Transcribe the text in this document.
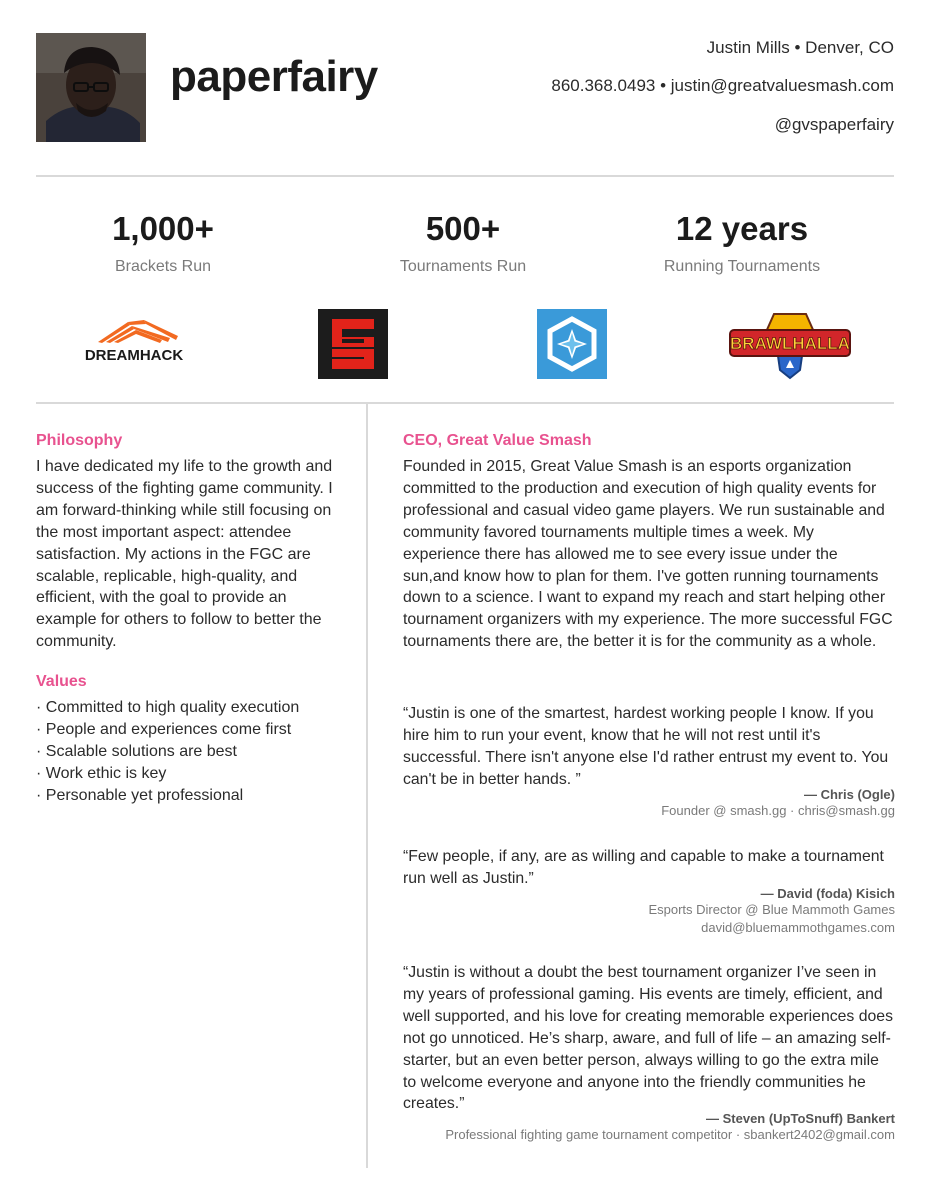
paperfairy
Justin Mills • Denver, CO
860.368.0493 • justin@greatvaluesmash.com
@gvspaperfairy
1,000+
Brackets Run
500+
Tournaments Run
12 years
Running Tournaments
DREAMHACK
BRAWLHALLA
Philosophy
I have dedicated my life to the growth and success of the fighting game community. I am forward-thinking while still focusing on the most important aspect: attendee satisfaction. My actions in the FGC are scalable, replicable, high-quality, and efficient, with the goal to provide an example for others to follow to better the community.
Values
· Committed to high quality execution
· People and experiences come first
· Scalable solutions are best
· Work ethic is key
· Personable yet professional
CEO, Great Value Smash
Founded in 2015, Great Value Smash is an esports organization committed to the production and execution of high quality events for professional and casual video game players. We run sustainable and community favored tournaments multiple times a week. My experience there has allowed me to see every issue under the sun,and know how to plan for them. I've gotten running tournaments down to a science. I want to expand my reach and start helping other tournament organizers with my experience. The more successful FGC tournaments there are, the better it is for the community as a whole.
“Justin is one of the smartest, hardest working people I know. If you hire him to run your event, know that he will not rest until it's successful. There isn't anyone else I'd rather entrust my event to. You can't be in better hands. ”
— Chris (Ogle)
Founder @ smash.gg · chris@smash.gg
“Few people, if any, are as willing and capable to make a tournament run well as Justin.”
— David (foda) Kisich
Esports Director @ Blue Mammoth Games
david@bluemammothgames.com
“Justin is without a doubt the best tournament organizer I’ve seen in my years of professional gaming. His events are timely, efficient, and well supported, and his love for creating memorable experiences does not go unnoticed. He’s sharp, aware, and full of life – an amazing self-starter, but an even better person, always willing to go the extra mile to welcome everyone and anyone into the friendly communities he creates.”
— Steven (UpToSnuff) Bankert
Professional fighting game tournament competitor · sbankert2402@gmail.com
